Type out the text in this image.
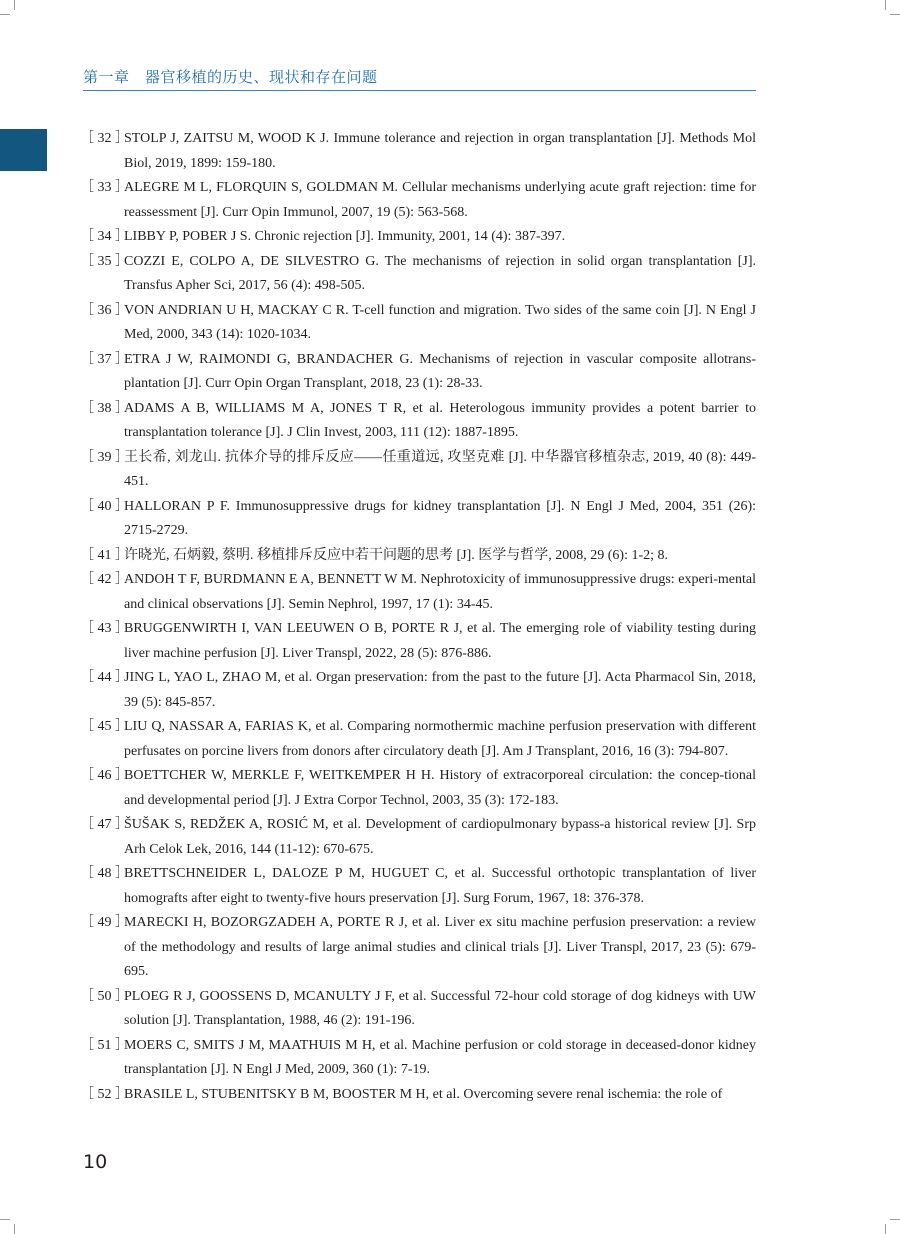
第一章　器官移植的历史、现状和存在问题
［ 32 ］
STOLP J, ZAITSU M, WOOD K J. Immune tolerance and rejection in organ transplantation [J]. Methods Mol Biol, 2019, 1899: 159-180.
［ 33 ］
ALEGRE M L, FLORQUIN S, GOLDMAN M. Cellular mechanisms underlying acute graft rejection: time for reassessment [J]. Curr Opin Immunol, 2007, 19 (5): 563-568.
［ 34 ］
LIBBY P, POBER J S. Chronic rejection [J]. Immunity, 2001, 14 (4): 387-397.
［ 35 ］
COZZI E, COLPO A, DE SILVESTRO G. The mechanisms of rejection in solid organ transplantation [J]. Transfus Apher Sci, 2017, 56 (4): 498-505.
［ 36 ］
VON ANDRIAN U H, MACKAY C R. T-cell function and migration. Two sides of the same coin [J]. N Engl J Med, 2000, 343 (14): 1020-1034.
［ 37 ］
ETRA J W, RAIMONDI G, BRANDACHER G. Mechanisms of rejection in vascular composite allotrans-plantation [J]. Curr Opin Organ Transplant, 2018, 23 (1): 28-33.
［ 38 ］
ADAMS A B, WILLIAMS M A, JONES T R, et al. Heterologous immunity provides a potent barrier to transplantation tolerance [J]. J Clin Invest, 2003, 111 (12): 1887-1895.
［ 39 ］
王长希, 刘龙山. 抗体介导的排斥反应——任重道远, 攻坚克难 [J]. 中华器官移植杂志, 2019, 40 (8): 449-451.
［ 40 ］
HALLORAN P F. Immunosuppressive drugs for kidney transplantation [J]. N Engl J Med, 2004, 351 (26): 2715-2729.
［ 41 ］
许晓光, 石炳毅, 蔡明. 移植排斥反应中若干问题的思考 [J]. 医学与哲学, 2008, 29 (6): 1-2; 8.
［ 42 ］
ANDOH T F, BURDMANN E A, BENNETT W M. Nephrotoxicity of immunosuppressive drugs: experi-mental and clinical observations [J]. Semin Nephrol, 1997, 17 (1): 34-45.
［ 43 ］
BRUGGENWIRTH I, VAN LEEUWEN O B, PORTE R J, et al. The emerging role of viability testing during liver machine perfusion [J]. Liver Transpl, 2022, 28 (5): 876-886.
［ 44 ］
JING L, YAO L, ZHAO M, et al. Organ preservation: from the past to the future [J]. Acta Pharmacol Sin, 2018, 39 (5): 845-857.
［ 45 ］
LIU Q, NASSAR A, FARIAS K, et al. Comparing normothermic machine perfusion preservation with different perfusates on porcine livers from donors after circulatory death [J]. Am J Transplant, 2016, 16 (3): 794-807.
［ 46 ］
BOETTCHER W, MERKLE F, WEITKEMPER H H. History of extracorporeal circulation: the concep-tional and developmental period [J]. J Extra Corpor Technol, 2003, 35 (3): 172-183.
［ 47 ］
ŠUŠAK S, REDŽEK A, ROSIĆ M, et al. Development of cardiopulmonary bypass-a historical review [J]. Srp Arh Celok Lek, 2016, 144 (11-12): 670-675.
［ 48 ］
BRETTSCHNEIDER L, DALOZE P M, HUGUET C, et al. Successful orthotopic transplantation of liver homografts after eight to twenty-five hours preservation [J]. Surg Forum, 1967, 18: 376-378.
［ 49 ］
MARECKI H, BOZORGZADEH A, PORTE R J, et al. Liver ex situ machine perfusion preservation: a review of the methodology and results of large animal studies and clinical trials [J]. Liver Transpl, 2017, 23 (5): 679-695.
［ 50 ］
PLOEG R J, GOOSSENS D, MCANULTY J F, et al. Successful 72-hour cold storage of dog kidneys with UW solution [J]. Transplantation, 1988, 46 (2): 191-196.
［ 51 ］
MOERS C, SMITS J M, MAATHUIS M H, et al. Machine perfusion or cold storage in deceased-donor kidney transplantation [J]. N Engl J Med, 2009, 360 (1): 7-19.
［ 52 ］
BRASILE L, STUBENITSKY B M, BOOSTER M H, et al. Overcoming severe renal ischemia: the role of
10
